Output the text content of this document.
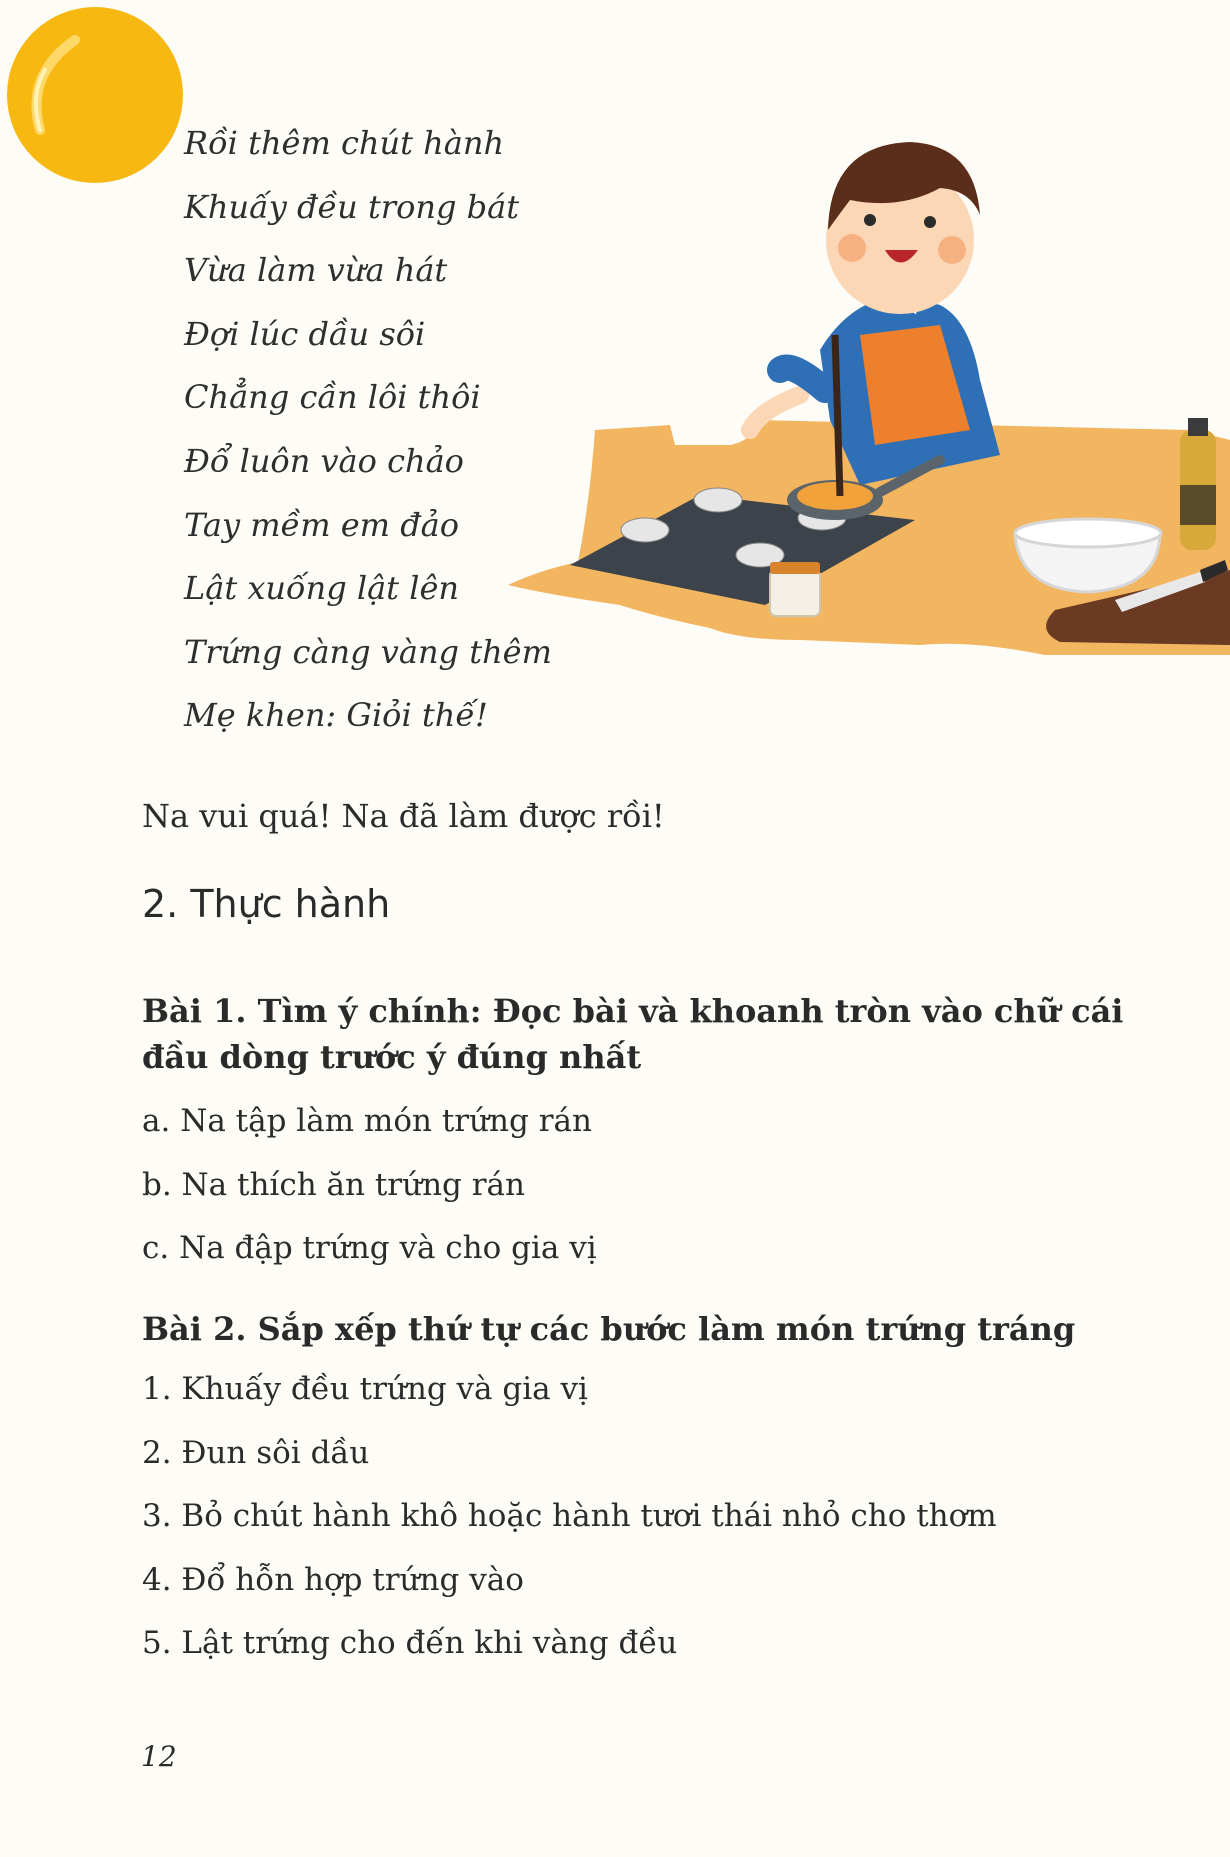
Rồi thêm chút hành
Khuấy đều trong bát
Vừa làm vừa hát
Đợi lúc dầu sôi
Chẳng cần lôi thôi
Đổ luôn vào chảo
Tay mềm em đảo
Lật xuống lật lên
Trứng càng vàng thêm
Mẹ khen: Giỏi thế!

Na vui quá! Na đã làm được rồi!

2. Thực hành
Bài 1. Tìm ý chính: Đọc bài và khoanh tròn vào chữ cái đầu dòng trước ý đúng nhất
a. Na tập làm món trứng rán
b. Na thích ăn trứng rán
c. Na đập trứng và cho gia vị
Bài 2. Sắp xếp thứ tự các bước làm món trứng tráng
1. Khuấy đều trứng và gia vị
2. Đun sôi dầu
3. Bỏ chút hành khô hoặc hành tươi thái nhỏ cho thơm
4. Đổ hỗn hợp trứng vào
5. Lật trứng cho đến khi vàng đều
12
